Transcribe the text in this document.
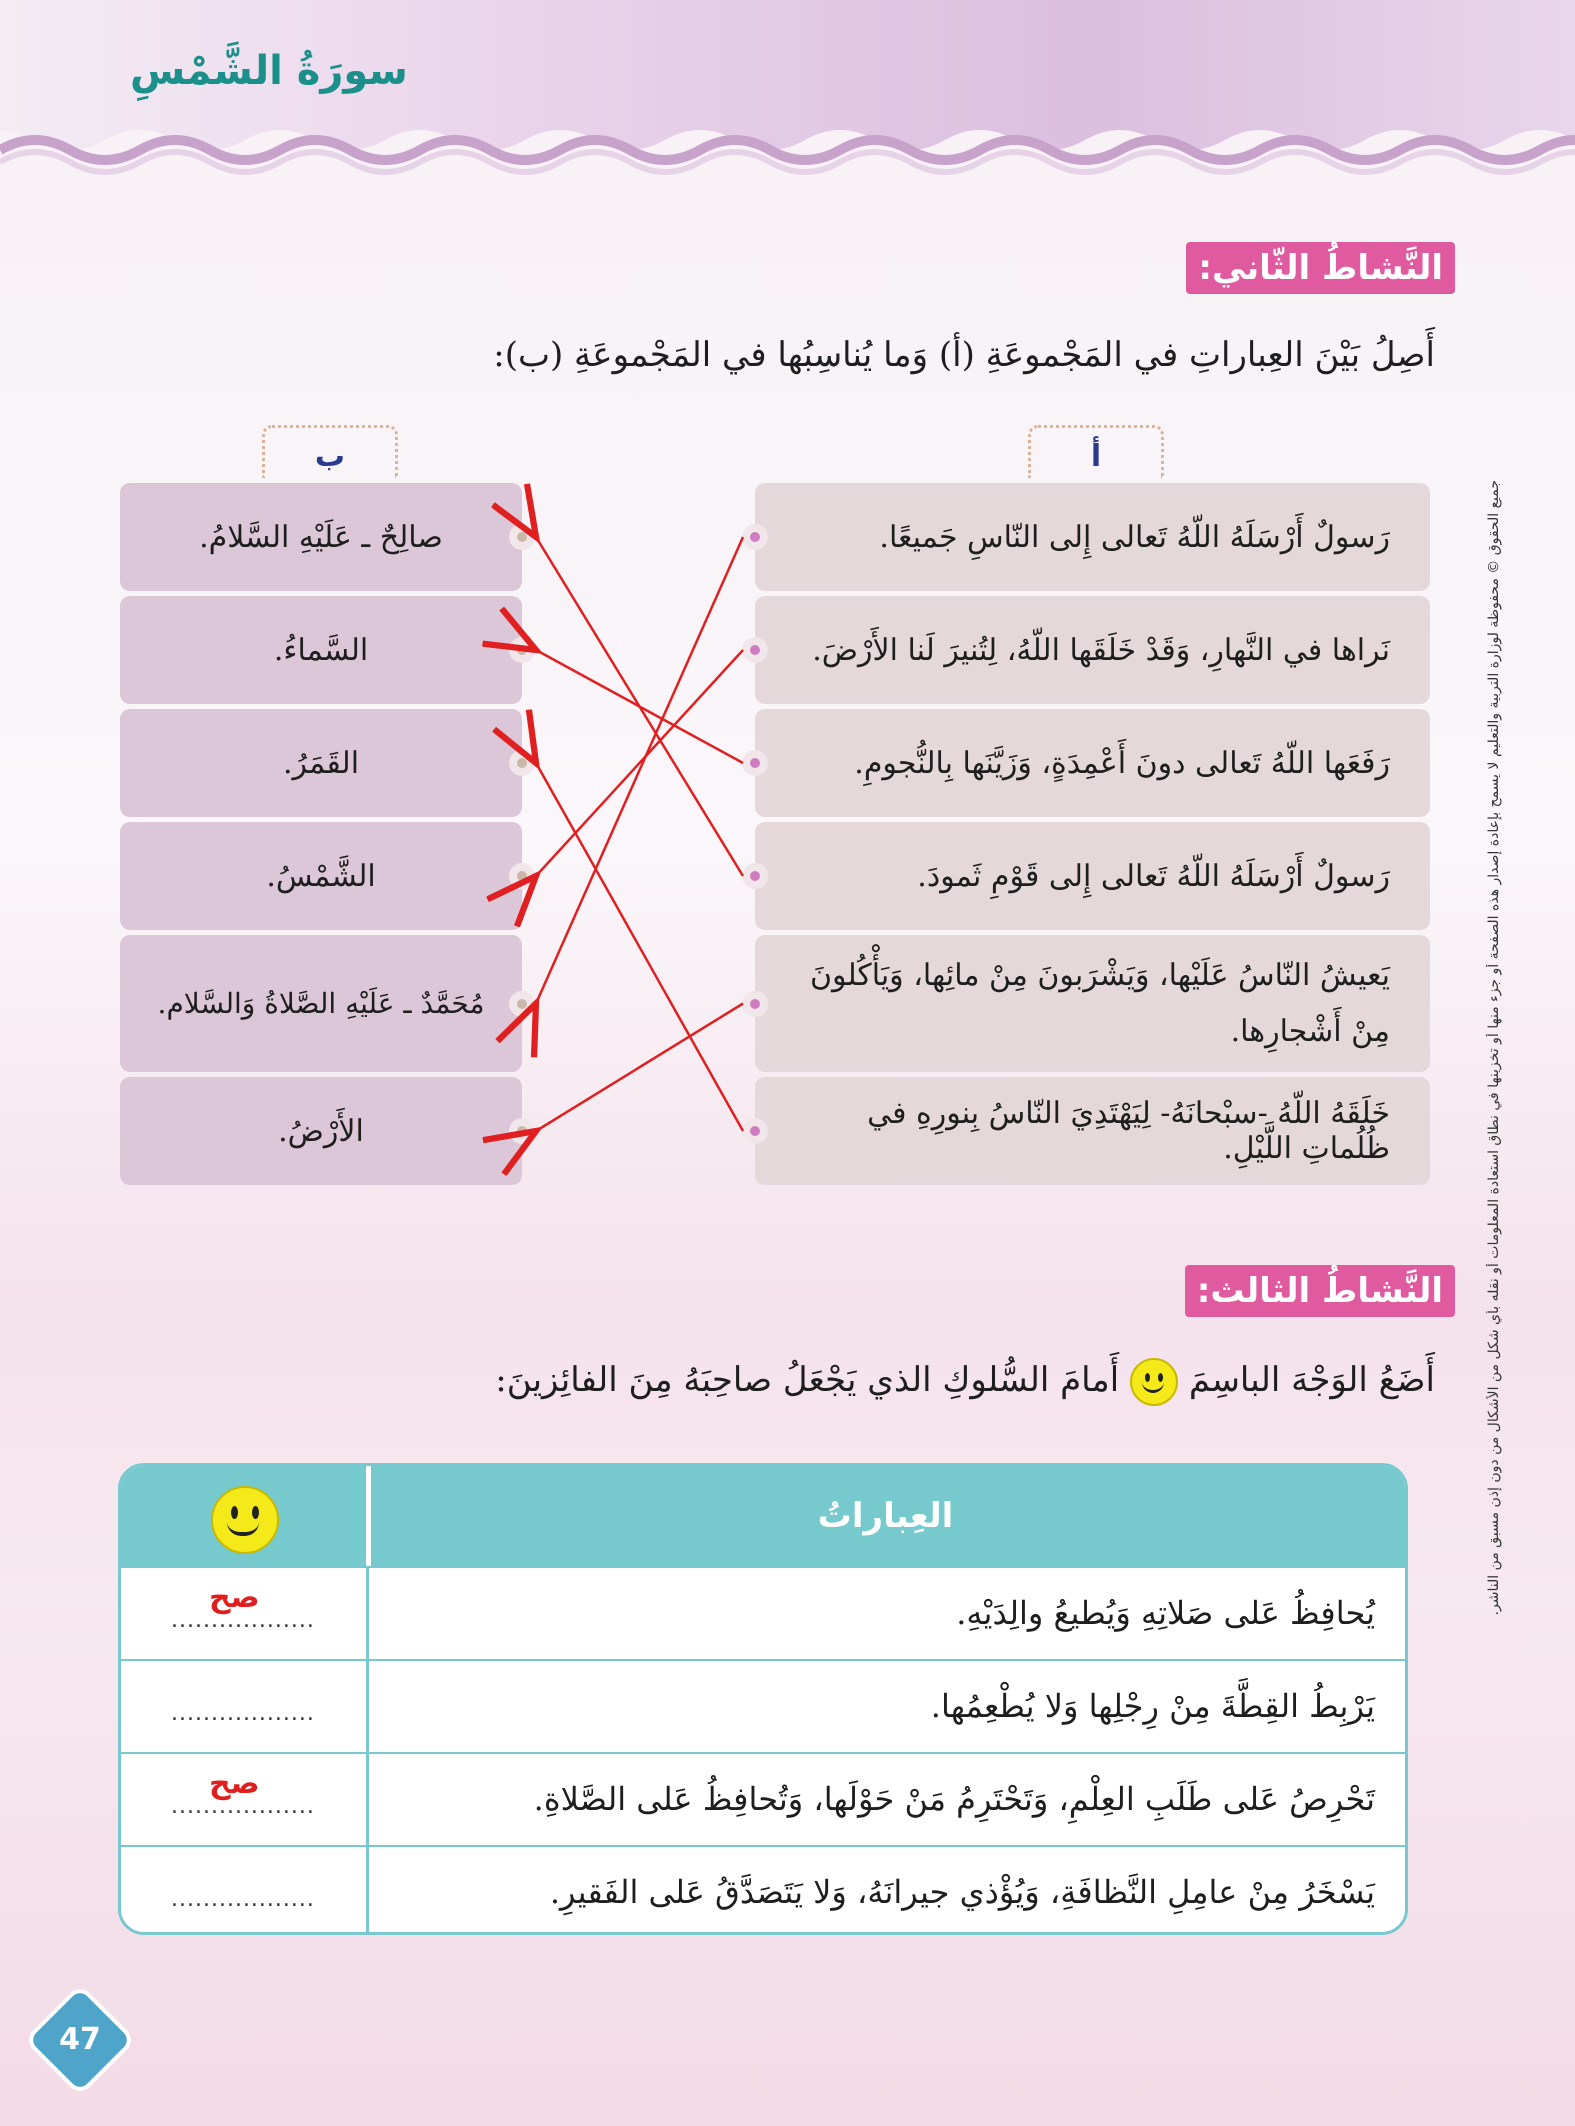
سورَةُ الشَّمْسِ
جميع الحقوق © محفوظة لوزارة التربية والتعليم لا يسمح بإعادة إصدار هذه الصفحة أو جزء منها أو تخزينها في نطاق استعادة المعلومات أو نقله بأي شكل من الأشكال من دون إذن مسبق من الناشر.
النَّشاطُ الثّاني:
أَصِلُ بَيْنَ العِباراتِ في المَجْموعَةِ (أ) وَما يُناسِبُها في المَجْموعَةِ (ب):
أ
ب
رَسولٌ أَرْسَلَهُ اللّهُ تَعالى إِلى النّاسِ جَميعًا.
نَراها في النَّهارِ، وَقَدْ خَلَقَها اللّهُ، لِتُنيرَ لَنا الأَرْضَ.
رَفَعَها اللّهُ تَعالى دونَ أَعْمِدَةٍ، وَزَيَّنَها بِالنُّجومِ.
رَسولٌ أَرْسَلَهُ اللّهُ تَعالى إِلى قَوْمِ ثَمودَ.
يَعيشُ النّاسُ عَلَيْها، وَيَشْرَبونَ مِنْ مائِها، وَيَأْكُلونَ مِنْ أَشْجارِها.
خَلَقَهُ اللّهُ -سبْحانَهُ- لِيَهْتَدِيَ النّاسُ بِنورِهِ في ظُلُماتِ اللَّيْلِ.
صالِحٌ ـ عَلَيْهِ السَّلامُ.
السَّماءُ.
القَمَرُ.
الشَّمْسُ.
مُحَمَّدٌ ـ عَلَيْهِ الصَّلاةُ وَالسَّلام.
الأَرْضُ.
النَّشاطُ الثالث:
أَضَعُ الوَجْهَ الباسِمَ
أَمامَ السُّلوكِ الذي يَجْعَلُ صاحِبَهُ مِنَ الفائِزينَ:
العِباراتُ
يُحافِظُ عَلى صَلاتِهِ وَيُطيعُ والِدَيْهِ.
..................
صح
يَرْبِطُ القِطَّةَ مِنْ رِجْلِها وَلا يُطْعِمُها.
..................
تَحْرِصُ عَلى طَلَبِ العِلْمِ، وَتَحْتَرِمُ مَنْ حَوْلَها، وَتُحافِظُ عَلى الصَّلاةِ.
..................
صح
يَسْخَرُ مِنْ عامِلِ النَّظافَةِ، وَيُؤْذي جيرانَهُ، وَلا يَتَصَدَّقُ عَلى الفَقيرِ.
..................
47
